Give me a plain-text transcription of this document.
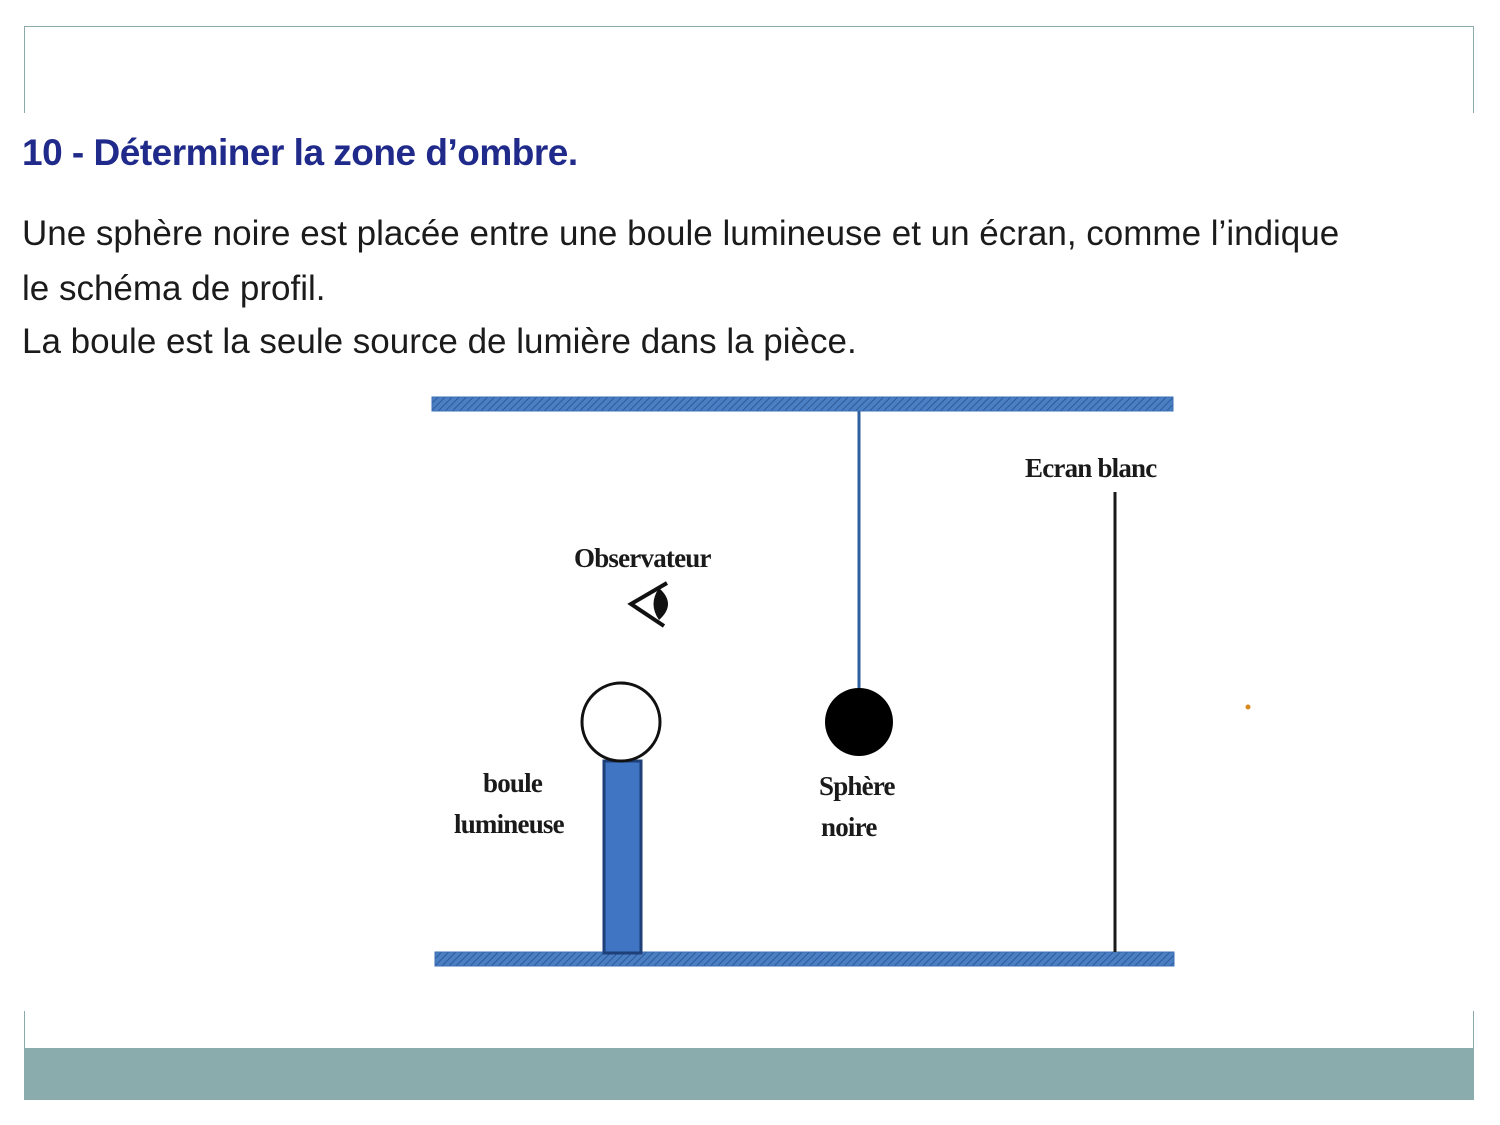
10 - Déterminer la zone d’ombre.

Une sphère noire est placée entre une boule lumineuse et un écran, comme l’indique

le schéma de profil.

La boule est la seule source de lumière dans la pièce.

Ecran blanc
Observateur
boule
lumineuse
Sphère
noire
